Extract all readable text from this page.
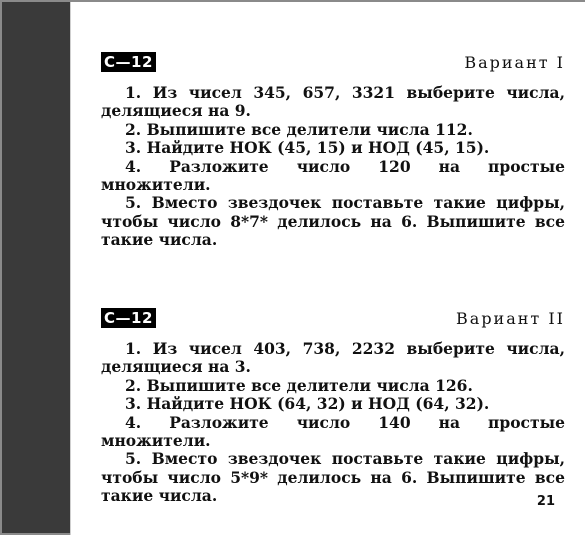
С—12	Вариант I
1. Из чисел 345, 657, 3321 выберите числа, делящиеся на 9.
2. Выпишите все делители числа 112.
3. Найдите НОК (45, 15) и НОД (45, 15).
4. Разложите число 120 на простые множители.
5. Вместо звездочек поставьте такие цифры, чтобы число 8*7* делилось на 6. Выпишите все такие числа.
С—12	Вариант II
1. Из чисел 403, 738, 2232 выберите числа, делящиеся на 3.
2. Выпишите все делители числа 126.
3. Найдите НОК (64, 32) и НОД (64, 32).
4. Разложите число 140 на простые множители.
5. Вместо звездочек поставьте такие цифры, чтобы число 5*9* делилось на 6. Выпишите все такие числа.	21
